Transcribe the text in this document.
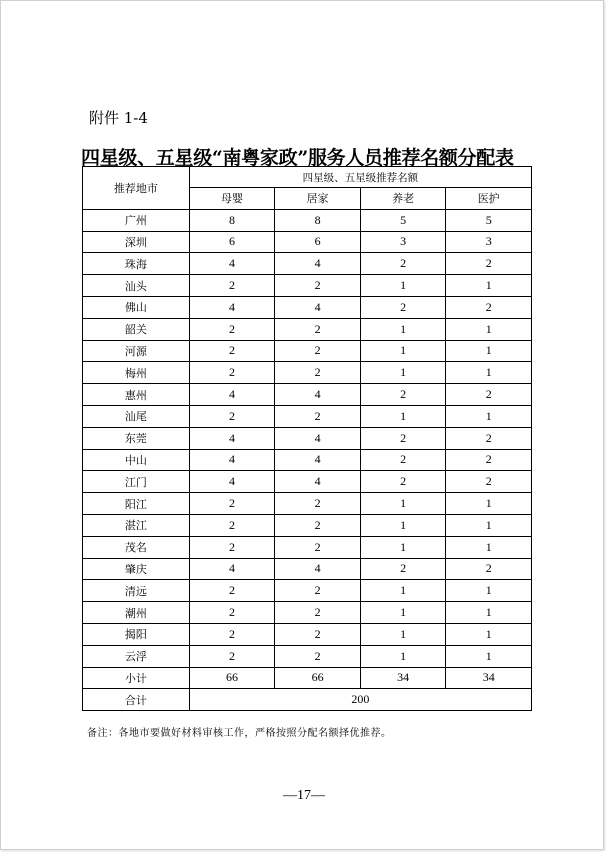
附件 1-4
四星级、五星级“南粤家政”服务人员推荐名额分配表
推荐地市	四星级、五星级推荐名额			
	母婴	居家	养老	医护
广州	8	8	5	5
深圳	6	6	3	3
珠海	4	4	2	2
汕头	2	2	1	1
佛山	4	4	2	2
韶关	2	2	1	1
河源	2	2	1	1
梅州	2	2	1	1
惠州	4	4	2	2
汕尾	2	2	1	1
东莞	4	4	2	2
中山	4	4	2	2
江门	4	4	2	2
阳江	2	2	1	1
湛江	2	2	1	1
茂名	2	2	1	1
肇庆	4	4	2	2
清远	2	2	1	1
潮州	2	2	1	1
揭阳	2	2	1	1
云浮	2	2	1	1
小计	66	66	34	34
合计	200			
备注：各地市要做好材料审核工作，严格按照分配名额择优推荐。
—17—
